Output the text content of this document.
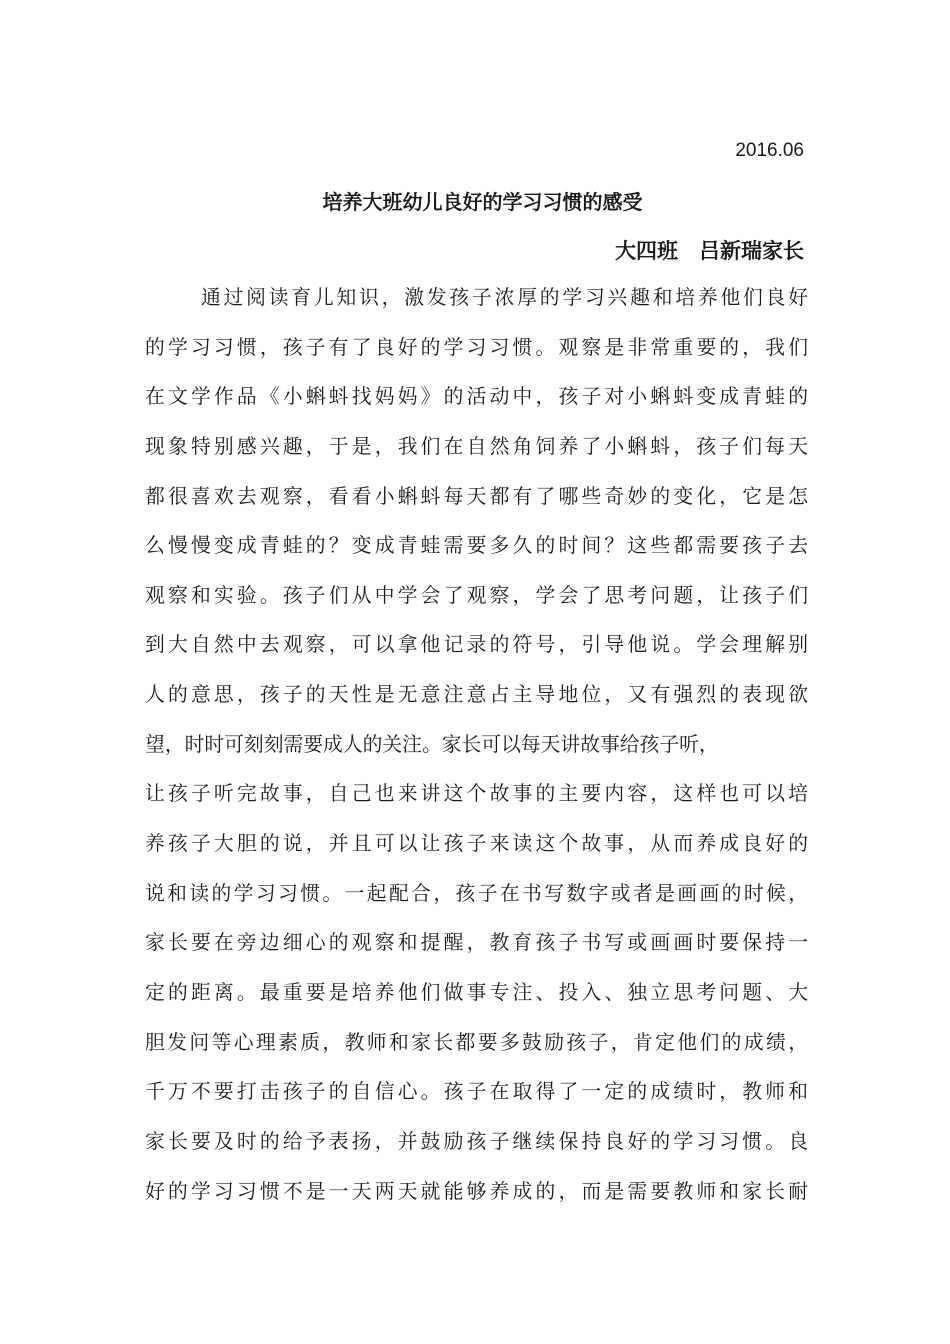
2016.06
培养大班幼儿良好的学习习惯的感受
大四班　吕新瑞家长
通过阅读育儿知识，激发孩子浓厚的学习兴趣和培养他们良好
的学习习惯，孩子有了良好的学习习惯。观察是非常重要的，我们
在文学作品《小蝌蚪找妈妈》的活动中，孩子对小蝌蚪变成青蛙的
现象特别感兴趣，于是，我们在自然角饲养了小蝌蚪，孩子们每天
都很喜欢去观察，看看小蝌蚪每天都有了哪些奇妙的变化，它是怎
么慢慢变成青蛙的？变成青蛙需要多久的时间？这些都需要孩子去
观察和实验。孩子们从中学会了观察，学会了思考问题，让孩子们
到大自然中去观察，可以拿他记录的符号，引导他说。学会理解别
人的意思，孩子的天性是无意注意占主导地位，又有强烈的表现欲
望，时时可刻刻需要成人的关注。家长可以每天讲故事给孩子听，
让孩子听完故事，自己也来讲这个故事的主要内容，这样也可以培
养孩子大胆的说，并且可以让孩子来读这个故事，从而养成良好的
说和读的学习习惯。一起配合，孩子在书写数字或者是画画的时候，
家长要在旁边细心的观察和提醒，教育孩子书写或画画时要保持一
定的距离。最重要是培养他们做事专注、投入、独立思考问题、大
胆发问等心理素质，教师和家长都要多鼓励孩子，肯定他们的成绩，
千万不要打击孩子的自信心。孩子在取得了一定的成绩时，教师和
家长要及时的给予表扬，并鼓励孩子继续保持良好的学习习惯。良
好的学习习惯不是一天两天就能够养成的，而是需要教师和家长耐
